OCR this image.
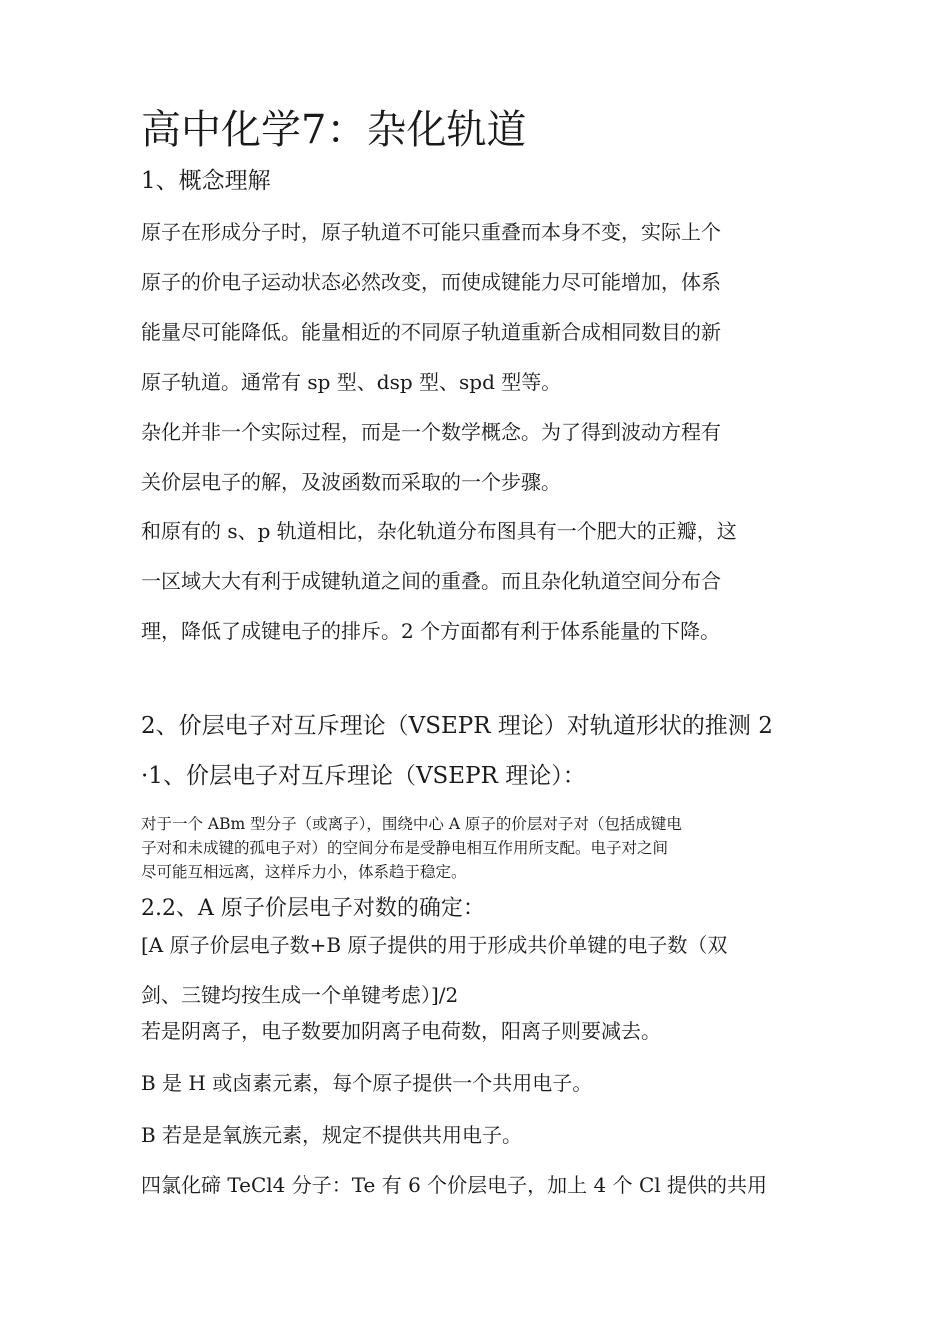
高中化学7：杂化轨道
1、概念理解
原子在形成分子时，原子轨道不可能只重叠而本身不变，实际上个
原子的价电子运动状态必然改变，而使成键能力尽可能增加，体系
能量尽可能降低。能量相近的不同原子轨道重新合成相同数目的新
原子轨道。通常有 sp 型、dsp 型、spd 型等。
杂化并非一个实际过程，而是一个数学概念。为了得到波动方程有
关价层电子的解，及波函数而采取的一个步骤。
和原有的 s、p 轨道相比，杂化轨道分布图具有一个肥大的正瓣，这
一区域大大有利于成键轨道之间的重叠。而且杂化轨道空间分布合
理，降低了成键电子的排斥。2 个方面都有利于体系能量的下降。
2、价层电子对互斥理论（VSEPR 理论）对轨道形状的推测 2
·1、价层电子对互斥理论（VSEPR 理论）：
对于一个 ABm 型分子（或离子），围绕中心 A 原子的价层对子对（包括成键电
子对和未成键的孤电子对）的空间分布是受静电相互作用所支配。电子对之间
尽可能互相远离，这样斥力小，体系趋于稳定。
2.2、A 原子价层电子对数的确定：
[A 原子价层电子数+B 原子提供的用于形成共价单键的电子数（双
剑、三键均按生成一个单键考虑）]/2
若是阴离子，电子数要加阴离子电荷数，阳离子则要减去。
B 是 H 或卤素元素，每个原子提供一个共用电子。
B 若是是氧族元素，规定不提供共用电子。
四氯化碲 TeCl4 分子：Te 有 6 个价层电子，加上 4 个 Cl 提供的共用
